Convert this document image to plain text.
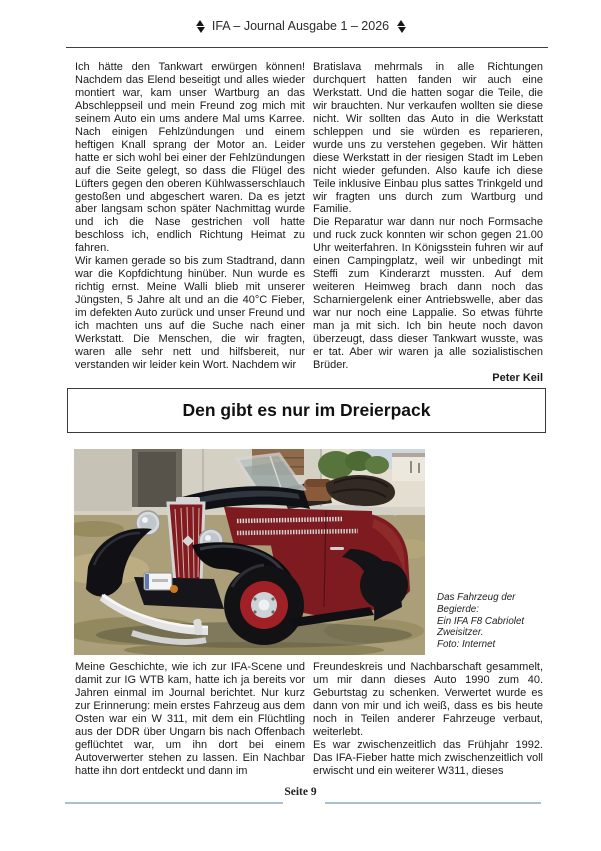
IFA – Journal Ausgabe 1 – 2026

Ich hätte den Tankwart erwürgen können! Nachdem das Elend beseitigt und alles wieder montiert war, kam unser Wartburg an das Abschleppseil und mein Freund zog mich mit seinem Auto ein ums andere Mal ums Karree. Nach einigen Fehlzündungen und einem heftigen Knall sprang der Motor an. Leider hatte er sich wohl bei einer der Fehlzündungen auf die Seite gelegt, so dass die Flügel des Lüfters gegen den oberen Kühlwasserschlauch gestoßen und abgeschert waren. Da es jetzt aber langsam schon später Nachmittag wurde und ich die Nase gestrichen voll hatte beschloss ich, endlich Richtung Heimat zu fahren.

Wir kamen gerade so bis zum Stadtrand, dann war die Kopfdichtung hinüber. Nun wurde es richtig ernst. Meine Walli blieb mit unserer Jüngsten, 5 Jahre alt und an die 40°C Fieber, im defekten Auto zurück und unser Freund und ich machten uns auf die Suche nach einer Werkstatt. Die Menschen, die wir fragten, waren alle sehr nett und hilfsbereit, nur verstanden wir leider kein Wort. Nachdem wir

Bratislava mehrmals in alle Richtungen durchquert hatten fanden wir auch eine Werkstatt. Und die hatten sogar die Teile, die wir brauchten. Nur verkaufen wollten sie diese nicht. Wir sollten das Auto in die Werkstatt schleppen und sie würden es reparieren, wurde uns zu verstehen gegeben. Wir hätten diese Werkstatt in der riesigen Stadt im Leben nicht wieder gefunden. Also kaufe ich diese Teile inklusive Einbau plus sattes Trinkgeld und wir fragten uns durch zum Wartburg und Familie.

Die Reparatur war dann nur noch Formsache und ruck zuck konnten wir schon gegen 21.00 Uhr weiterfahren. In Königsstein fuhren wir auf einen Campingplatz, weil wir unbedingt mit Steffi zum Kinderarzt mussten. Auf dem weiteren Heimweg brach dann noch das Scharniergelenk einer Antriebswelle, aber das war nur noch eine Lappalie. So etwas führte man ja mit sich. Ich bin heute noch davon überzeugt, dass dieser Tankwart wusste, was er tat. Aber wir waren ja alle sozialistischen Brüder.

Peter Keil

Den gibt es nur im Dreierpack
Das Fahrzeug der Begierde:
Ein IFA F8 Cabriolet Zweisitzer.
Foto: Internet

Meine Geschichte, wie ich zur IFA-Scene und damit zur IG WTB kam, hatte ich ja bereits vor Jahren einmal im Journal berichtet. Nur kurz zur Erinnerung: mein erstes Fahrzeug aus dem Osten war ein W 311, mit dem ein Flüchtling aus der DDR über Ungarn bis nach Offenbach geflüchtet war, um ihn dort bei einem Autoverwerter stehen zu lassen. Ein Nachbar hatte ihn dort entdeckt und dann im

Freundeskreis und Nachbarschaft gesammelt, um mir dann dieses Auto 1990 zum 40. Geburtstag zu schenken. Verwertet wurde es dann von mir und ich weiß, dass es bis heute noch in Teilen anderer Fahrzeuge verbaut, weiterlebt.

Es war zwischenzeitlich das Frühjahr 1992. Das IFA-Fieber hatte mich zwischenzeitlich voll erwischt und ein weiterer W311, dieses

Seite 9
